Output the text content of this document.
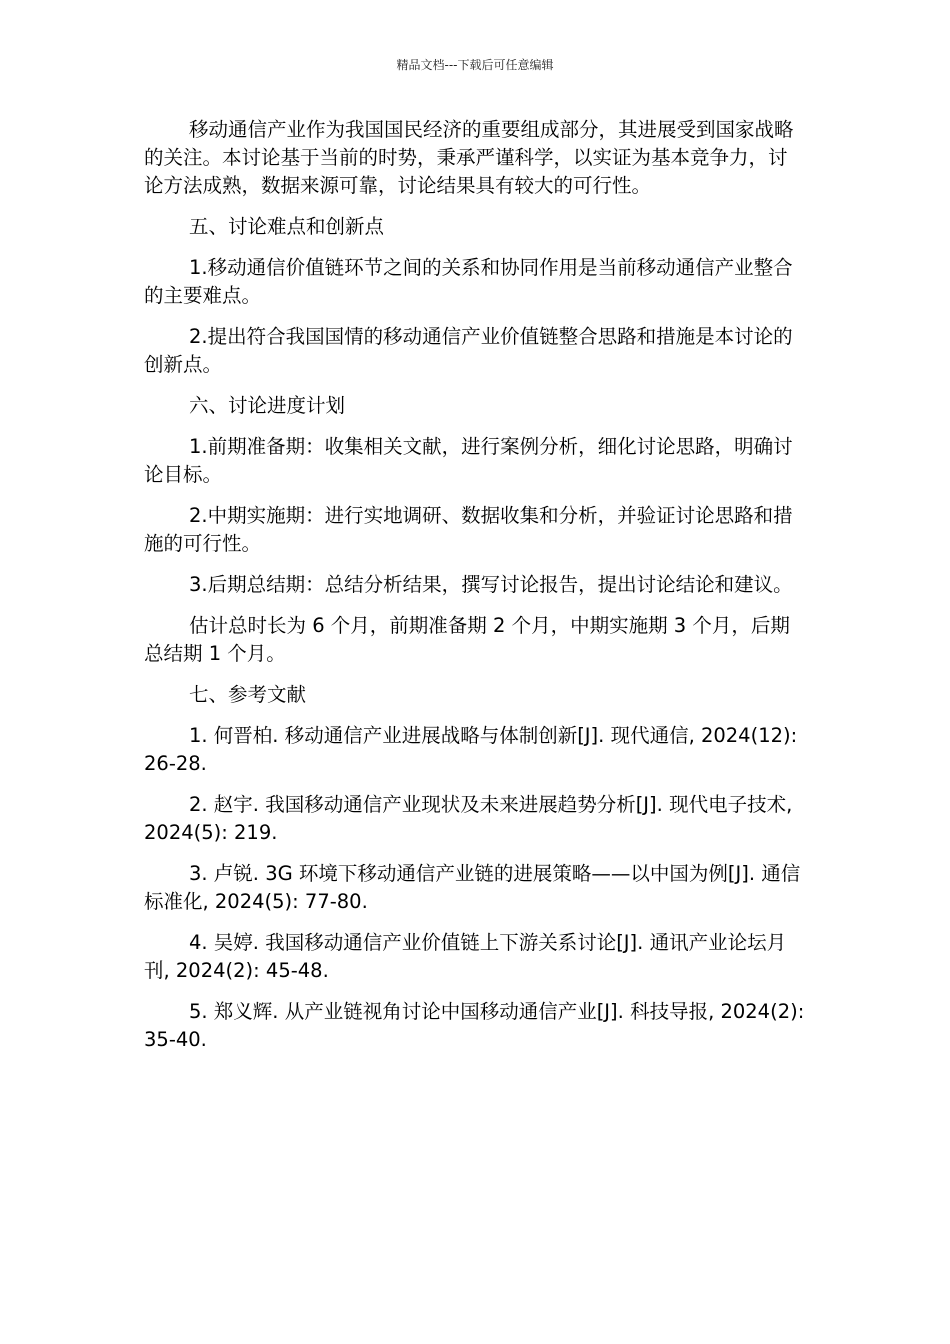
精品文档---下载后可任意编辑

移动通信产业作为我国国民经济的重要组成部分，其进展受到国家战略的关注。本讨论基于当前的时势，秉承严谨科学，以实证为基本竞争力，讨论方法成熟，数据来源可靠，讨论结果具有较大的可行性。

五、讨论难点和创新点

1.移动通信价值链环节之间的关系和协同作用是当前移动通信产业整合的主要难点。

2.提出符合我国国情的移动通信产业价值链整合思路和措施是本讨论的创新点。

六、讨论进度计划

1.前期准备期：收集相关文献，进行案例分析，细化讨论思路，明确讨论目标。

2.中期实施期：进行实地调研、数据收集和分析，并验证讨论思路和措施的可行性。

3.后期总结期：总结分析结果，撰写讨论报告，提出讨论结论和建议。

估计总时长为 6 个月，前期准备期 2 个月，中期实施期 3 个月，后期总结期 1 个月。

七、参考文献

1. 何晋柏. 移动通信产业进展战略与体制创新[J]. 现代通信, 2024(12): 26-28.

2. 赵宇. 我国移动通信产业现状及未来进展趋势分析[J]. 现代电子技术, 2024(5): 219.

3. 卢锐. 3G 环境下移动通信产业链的进展策略——以中国为例[J]. 通信标准化, 2024(5): 77-80.

4. 吴婷. 我国移动通信产业价值链上下游关系讨论[J]. 通讯产业论坛月刊, 2024(2): 45-48.

5. 郑义辉. 从产业链视角讨论中国移动通信产业[J]. 科技导报, 2024(2): 35-40.
